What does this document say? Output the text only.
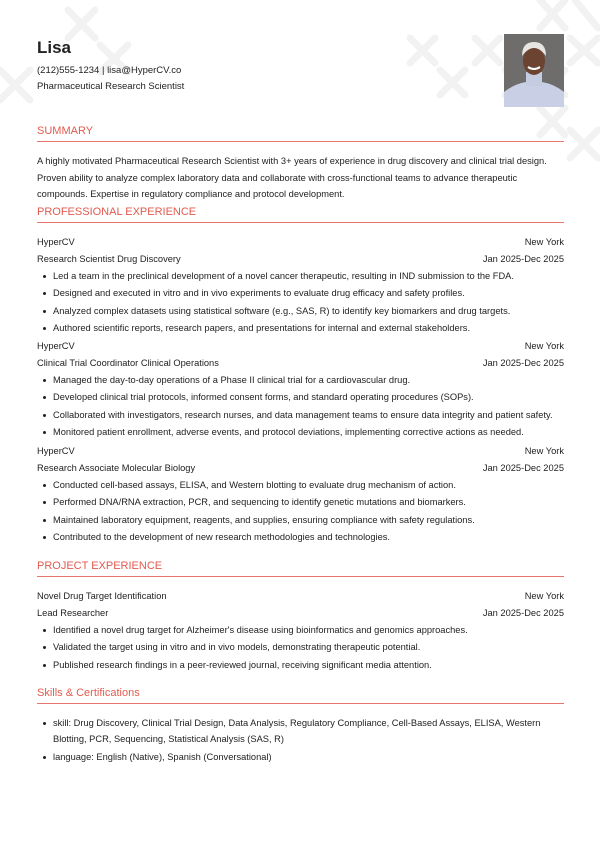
Lisa
(212)555-1234 | lisa@HyperCV.co
Pharmaceutical Research Scientist
SUMMARY
A highly motivated Pharmaceutical Research Scientist with 3+ years of experience in drug discovery and clinical trial design. Proven ability to analyze complex laboratory data and collaborate with cross-functional teams to advance therapeutic compounds. Expertise in regulatory compliance and protocol development.
PROFESSIONAL EXPERIENCE
HyperCV	New York
Research Scientist Drug Discovery	Jan 2025-Dec 2025
Led a team in the preclinical development of a novel cancer therapeutic, resulting in IND submission to the FDA.
Designed and executed in vitro and in vivo experiments to evaluate drug efficacy and safety profiles.
Analyzed complex datasets using statistical software (e.g., SAS, R) to identify key biomarkers and drug targets.
Authored scientific reports, research papers, and presentations for internal and external stakeholders.
HyperCV	New York
Clinical Trial Coordinator Clinical Operations	Jan 2025-Dec 2025
Managed the day-to-day operations of a Phase II clinical trial for a cardiovascular drug.
Developed clinical trial protocols, informed consent forms, and standard operating procedures (SOPs).
Collaborated with investigators, research nurses, and data management teams to ensure data integrity and patient safety.
Monitored patient enrollment, adverse events, and protocol deviations, implementing corrective actions as needed.
HyperCV	New York
Research Associate Molecular Biology	Jan 2025-Dec 2025
Conducted cell-based assays, ELISA, and Western blotting to evaluate drug mechanism of action.
Performed DNA/RNA extraction, PCR, and sequencing to identify genetic mutations and biomarkers.
Maintained laboratory equipment, reagents, and supplies, ensuring compliance with safety regulations.
Contributed to the development of new research methodologies and technologies.
PROJECT EXPERIENCE
Novel Drug Target Identification	New York
Lead Researcher	Jan 2025-Dec 2025
Identified a novel drug target for Alzheimer's disease using bioinformatics and genomics approaches.
Validated the target using in vitro and in vivo models, demonstrating therapeutic potential.
Published research findings in a peer-reviewed journal, receiving significant media attention.
Skills & Certifications
skill: Drug Discovery, Clinical Trial Design, Data Analysis, Regulatory Compliance, Cell-Based Assays, ELISA, Western Blotting, PCR, Sequencing, Statistical Analysis (SAS, R)
language: English (Native), Spanish (Conversational)
